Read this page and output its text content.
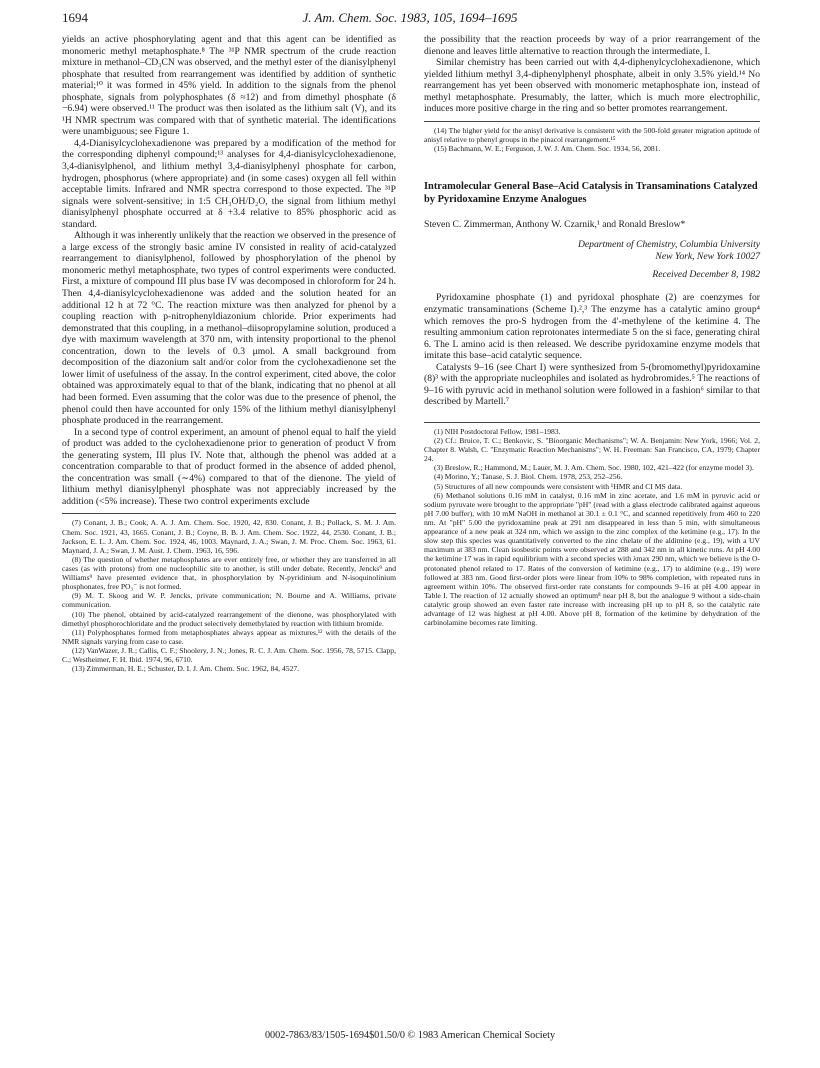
1694	J. Am. Chem. Soc. 1983, 105, 1694–1695

yields an active phosphorylating agent and that this agent can be identified as monomeric methyl metaphosphate.⁸ The ³¹P NMR spectrum of the crude reaction mixture in methanol–CD₃CN was observed, and the methyl ester of the dianisylphenyl phosphate that resulted from rearrangement was identified by addition of synthetic material;¹⁰ it was formed in 45% yield. In addition to the signals from the phenol phosphate, signals from polyphosphates (δ ≈12) and from dimethyl phosphate (δ −6.94) were observed.¹¹ The product was then isolated as the lithium salt (V), and its ¹H NMR spectrum was compared with that of synthetic material. The identifications were unambiguous; see Figure 1.

4,4-Dianisylcyclohexadienone was prepared by a modification of the method for the corresponding diphenyl compound;¹³ analyses for 4,4-dianisylcyclohexadienone, 3,4-dianisylphenol, and lithium methyl 3,4-dianisylphenyl phosphate for carbon, hydrogen, phosphorus (where appropriate) and (in some cases) oxygen all fell within acceptable limits. Infrared and NMR spectra correspond to those expected. The ³¹P signals were solvent-sensitive; in 1:5 CH₃OH/D₂O, the signal from lithium methyl dianisylphenyl phosphate occurred at δ +3.4 relative to 85% phosphoric acid as standard.

Although it was inherently unlikely that the reaction we observed in the presence of a large excess of the strongly basic amine IV consisted in reality of acid-catalyzed rearrangement to dianisylphenol, followed by phosphorylation of the phenol by monomeric methyl metaphosphate, two types of control experiments were conducted. First, a mixture of compound III plus base IV was decomposed in chloroform for 24 h. Then 4,4-dianisylcyclohexadienone was added and the solution heated for an additional 12 h at 72 °C. The reaction mixture was then analyzed for phenol by a coupling reaction with p-nitrophenyldiazonium chloride. Prior experiments had demonstrated that this coupling, in a methanol–diisopropylamine solution, produced a dye with maximum wavelength at 370 nm, with intensity proportional to the phenol concentration, down to the levels of 0.3 μmol. A small background from decomposition of the diazonium salt and/or color from the cyclohexadienone set the lower limit of usefulness of the assay. In the control experiment, cited above, the color obtained was approximately equal to that of the blank, indicating that no phenol at all had been formed. Even assuming that the color was due to the presence of phenol, the phenol could then have accounted for only 15% of the lithium methyl dianisylphenyl phosphate produced in the rearrangement.

In a second type of control experiment, an amount of phenol equal to half the yield of product was added to the cyclohexadienone prior to generation of product V from the generating system, III plus IV. Note that, although the phenol was added at a concentration comparable to that of product formed in the absence of added phenol, the concentration was small (∼4%) compared to that of the dienone. The yield of lithium methyl dianisylphenyl phosphate was not appreciably increased by the addition (<5% increase). These two control experiments exclude

(7) Conant, J. B.; Cook, A. A. J. Am. Chem. Soc. 1920, 42, 830. Conant, J. B.; Pollack, S. M. J. Am. Chem. Soc. 1921, 43, 1665. Conant, J. B.; Coyne, B. B. J. Am. Chem. Soc. 1922, 44, 2530. Conant, J. B.; Jackson, E. L. J. Am. Chem. Soc. 1924, 46, 1003. Maynard, J. A.; Swan, J. M. Proc. Chem. Soc. 1963, 61. Maynard, J. A.; Swan, J. M. Aust. J. Chem. 1963, 16, 596.

(8) The question of whether metaphosphates are ever entirely free, or whether they are transferred in all cases (as with protons) from one nucleophilic site to another, is still under debate. Recently, Jencks⁹ and Williams⁹ have presented evidence that, in phosphorylation by N-pyridinium and N-isoquinolinium phosphonates, free PO₃⁻ is not formed.

(9) M. T. Skoog and W. P. Jencks, private communication; N. Bourne and A. Williams, private communication.

(10) The phenol, obtained by acid-catalyzed rearrangement of the dienone, was phosphorylated with dimethyl phosphorochloridate and the product selectively demethylated by reaction with lithium bromide.

(11) Polyphosphates formed from metaphosphates always appear as mixtures,¹² with the details of the NMR signals varying from case to case.

(12) VanWazer, J. R.; Callis, C. F.; Shoolery, J. N.; Jones, R. C. J. Am. Chem. Soc. 1956, 78, 5715. Clapp, C.; Westheimer, F. H. Ibid. 1974, 96, 6710.

(13) Zimmerman, H. E.; Schuster, D. I. J. Am. Chem. Soc. 1962, 84, 4527.

the possibility that the reaction proceeds by way of a prior rearrangement of the dienone and leaves little alternative to reaction through the intermediate, I.

Similar chemistry has been carried out with 4,4-diphenylcyclohexadienone, which yielded lithium methyl 3,4-diphenylphenyl phosphate, albeit in only 3.5% yield.¹⁴ No rearrangement has yet been observed with monomeric metaphosphate ion, instead of methyl metaphosphate. Presumably, the latter, which is much more electrophilic, induces more positive charge in the ring and so better promotes rearrangement.

(14) The higher yield for the anisyl derivative is consistent with the 500-fold greater migration aptitude of anisyl relative to phenyl groups in the pinacol rearrangement.¹⁵

(15) Bachmann, W. E.; Ferguson, J. W. J. Am. Chem. Soc. 1934, 56, 2081.

Intramolecular General Base–Acid Catalysis in Transaminations Catalyzed by Pyridoxamine Enzyme Analogues
Steven C. Zimmerman, Anthony W. Czarnik,¹ and Ronald Breslow*
Department of Chemistry, Columbia University
New York, New York 10027
Received December 8, 1982

Pyridoxamine phosphate (1) and pyridoxal phosphate (2) are coenzymes for enzymatic transaminations (Scheme I).²,³ The enzyme has a catalytic amino group⁴ which removes the pro-S hydrogen from the 4′-methylene of the ketimine 4. The resulting ammonium cation reprotonates intermediate 5 on the si face, generating chiral 6. The L amino acid is then released. We describe pyridoxamine enzyme models that imitate this base–acid catalytic sequence.

Catalysts 9–16 (see Chart I) were synthesized from 5-(bromomethyl)pyridoxamine (8)³ with the appropriate nucleophiles and isolated as hydrobromides.⁵ The reactions of 9–16 with pyruvic acid in methanol solution were followed in a fashion⁶ similar to that described by Martell.⁷

(1) NIH Postdoctoral Fellow, 1981–1983.

(2) Cf.: Bruice, T. C.; Benkovic, S. "Bioorganic Mechanisms"; W. A. Benjamin: New York, 1966; Vol. 2, Chapter 8. Walsh, C. "Enzymatic Reaction Mechanisms"; W. H. Freeman: San Francisco, CA, 1979; Chapter 24.

(3) Breslow, R.; Hammond, M.; Lauer, M. J. Am. Chem. Soc. 1980, 102, 421–422 (for enzyme model 3).

(4) Morino, Y.; Tanase, S. J. Biol. Chem. 1978, 253, 252–256.

(5) Structures of all new compounds were consistent with ¹HMR and CI MS data.

(6) Methanol solutions 0.16 mM in catalyst, 0.16 mM in zinc acetate, and 1.6 mM in pyruvic acid or sodium pyruvate were brought to the appropriate "pH" (read with a glass electrode calibrated against aqueous pH 7.00 buffer), with 10 mM NaOH in methanol at 30.1 ± 0.1 °C, and scanned repetitively from 460 to 220 nm. At "pH" 5.00 the pyridoxamine peak at 291 nm disappeared in less than 5 min, with simultaneous appearance of a new peak at 324 nm, which we assign to the zinc complex of the ketimine (e.g., 17). In the slow step this species was quantitatively converted to the zinc chelate of the aldimine (e.g., 19), with a UV maximum at 383 nm. Clean isosbestic points were observed at 288 and 342 nm in all kinetic runs. At pH 4.00 the ketimine 17 was in rapid equilibrium with a second species with λmax 290 nm, which we believe is the O-protonated phenol related to 17. Rates of the conversion of ketimine (e.g., 17) to aldimine (e.g., 19) were followed at 383 nm. Good first-order plots were linear from 10% to 98% completion, with repeated runs in agreement within 10%. The observed first-order rate constants for compounds 9–16 at pH 4.00 appear in Table I. The reaction of 12 actually showed an optimum⁸ near pH 8, but the analogue 9 without a side-chain catalytic group showed an even faster rate increase with increasing pH up to pH 8, so the catalytic rate advantage of 12 was highest at pH 4.00. Above pH 8, formation of the ketimine by dehydration of the carbinolamine becomes rate limiting.

0002-7863/83/1505-1694$01.50/0 © 1983 American Chemical Society
